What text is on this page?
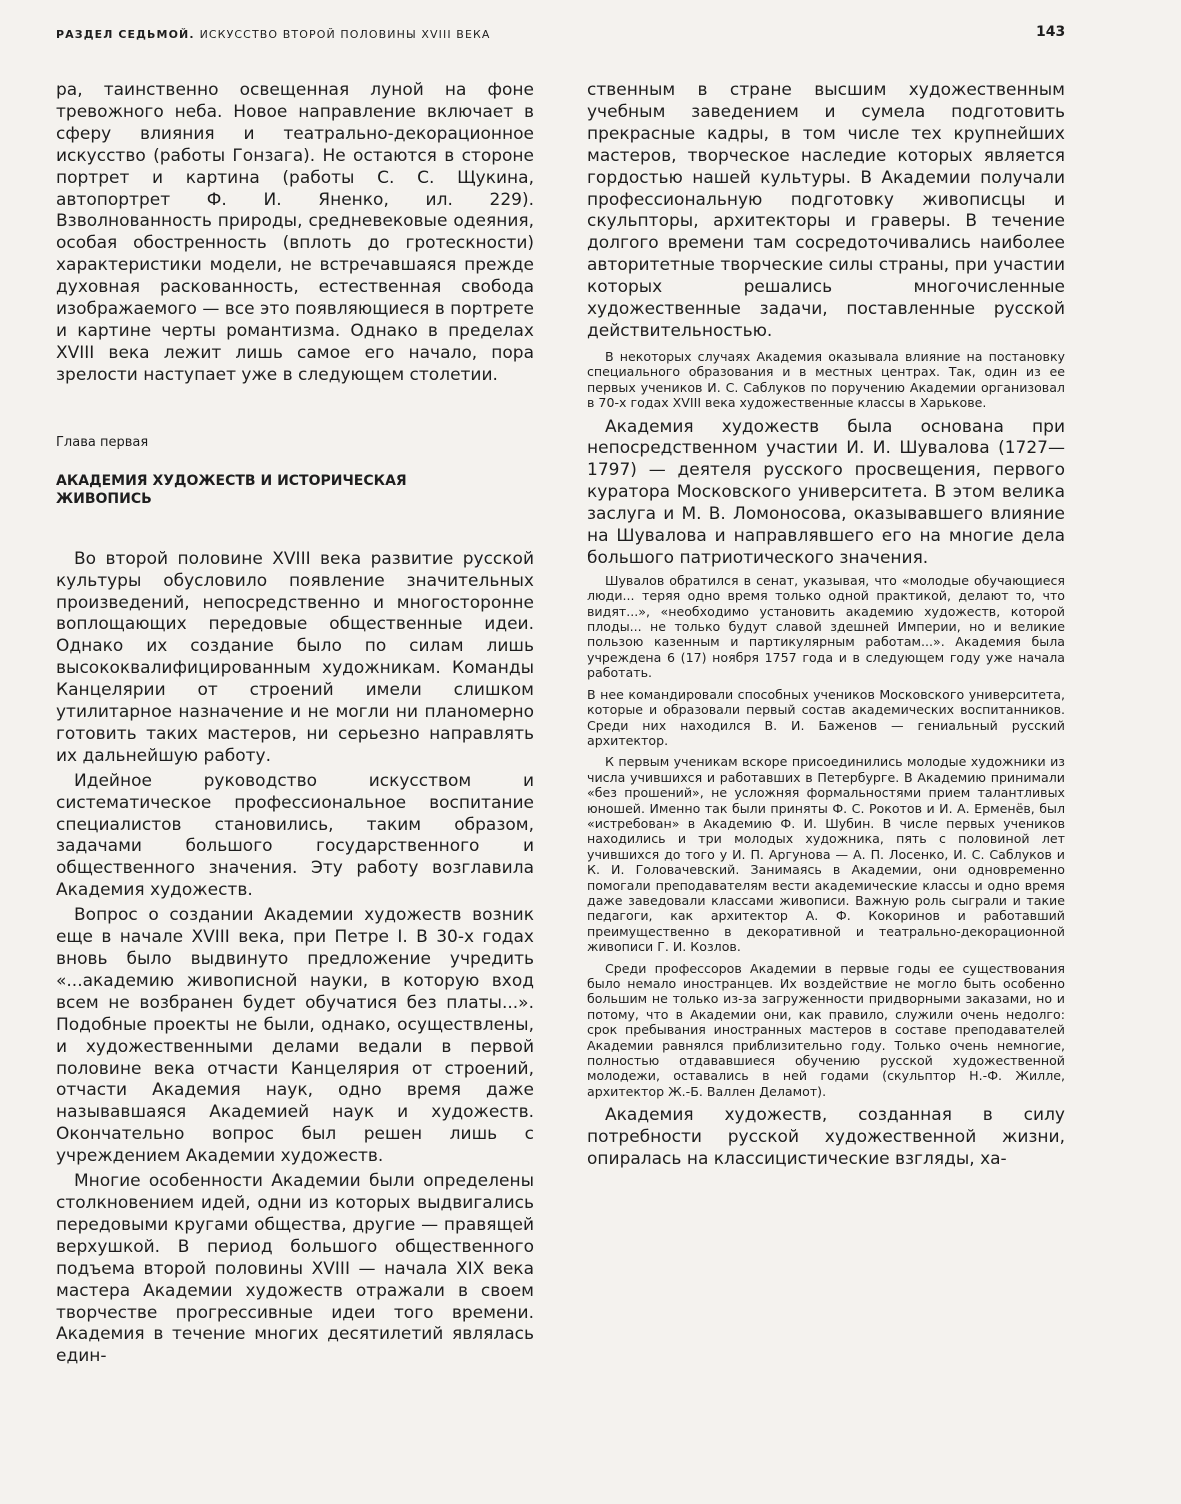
РАЗДЕЛ СЕДЬМОЙ. ИСКУССТВО ВТОРОЙ ПОЛОВИНЫ XVIII ВЕКА	143

ра, таинственно освещенная луной на фоне тревожного неба. Новое направление включает в сферу влияния и театрально-декорационное искусство (работы Гонзага). Не остаются в стороне портрет и картина (работы С. С. Щукина, автопортрет Ф. И. Яненко, ил. 229). Взволнованность природы, средневековые одеяния, особая обостренность (вплоть до гротескности) характеристики модели, не встречавшаяся прежде духовная раскованность, естественная свобода изображаемого — все это появляющиеся в портрете и картине черты романтизма. Однако в пределах XVIII века лежит лишь самое его начало, пора зрелости наступает уже в следующем столетии.

Глава первая
АКАДЕМИЯ ХУДОЖЕСТВ И ИСТОРИЧЕСКАЯ ЖИВОПИСЬ

Во второй половине XVIII века развитие русской культуры обусловило появление значительных произведений, непосредственно и многосторонне воплощающих передовые общественные идеи. Однако их создание было по силам лишь высококвалифицированным художникам. Команды Канцелярии от строений имели слишком утилитарное назначение и не могли ни планомерно готовить таких мастеров, ни серьезно направлять их дальнейшую работу.

Идейное руководство искусством и систематическое профессиональное воспитание специалистов становились, таким образом, задачами большого государственного и общественного значения. Эту работу возглавила Академия художеств.

Вопрос о создании Академии художеств возник еще в начале XVIII века, при Петре I. В 30-х годах вновь было выдвинуто предложение учредить «...академию живописной науки, в которую вход всем не возбранен будет обучатися без платы...». Подобные проекты не были, однако, осуществлены, и художественными делами ведали в первой половине века отчасти Канцелярия от строений, отчасти Академия наук, одно время даже называвшаяся Академией наук и художеств. Окончательно вопрос был решен лишь с учреждением Академии художеств.

Многие особенности Академии были определены столкновением идей, одни из которых выдвигались передовыми кругами общества, другие — правящей верхушкой. В период большого общественного подъема второй половины XVIII — начала XIX века мастера Академии художеств отражали в своем творчестве прогрессивные идеи того времени. Академия в течение многих десятилетий являлась един-

ственным в стране высшим художественным учебным заведением и сумела подготовить прекрасные кадры, в том числе тех крупнейших мастеров, творческое наследие которых является гордостью нашей культуры. В Академии получали профессиональную подготовку живописцы и скульпторы, архитекторы и граверы. В течение долгого времени там сосредоточивались наиболее авторитетные творческие силы страны, при участии которых решались многочисленные художественные задачи, поставленные русской действительностью.

В некоторых случаях Академия оказывала влияние на постановку специального образования и в местных центрах. Так, один из ее первых учеников И. С. Саблуков по поручению Академии организовал в 70-х годах XVIII века художественные классы в Харькове.

Академия художеств была основана при непосредственном участии И. И. Шувалова (1727—1797) — деятеля русского просвещения, первого куратора Московского университета. В этом велика заслуга и М. В. Ломоносова, оказывавшего влияние на Шувалова и направлявшего его на многие дела большого патриотического значения.

Шувалов обратился в сенат, указывая, что «молодые обучающиеся люди... теряя одно время только одной практикой, делают то, что видят...», «необходимо установить академию художеств, которой плоды... не только будут славой здешней Империи, но и великие пользою казенным и партикулярным работам...». Академия была учреждена 6 (17) ноября 1757 года и в следующем году уже начала работать.

В нее командировали способных учеников Московского университета, которые и образовали первый состав академических воспитанников. Среди них находился В. И. Баженов — гениальный русский архитектор.

К первым ученикам вскоре присоединились молодые художники из числа учившихся и работавших в Петербурге. В Академию принимали «без прошений», не усложняя формальностями прием талантливых юношей. Именно так были приняты Ф. С. Рокотов и И. А. Ерменёв, был «истребован» в Академию Ф. И. Шубин. В числе первых учеников находились и три молодых художника, пять с половиной лет учившихся до того у И. П. Аргунова — А. П. Лосенко, И. С. Саблуков и К. И. Головачевский. Занимаясь в Академии, они одновременно помогали преподавателям вести академические классы и одно время даже заведовали классами живописи. Важную роль сыграли и такие педагоги, как архитектор А. Ф. Кокоринов и работавший преимущественно в декоративной и театрально-декорационной живописи Г. И. Козлов.

Среди профессоров Академии в первые годы ее существования было немало иностранцев. Их воздействие не могло быть особенно большим не только из-за загруженности придворными заказами, но и потому, что в Академии они, как правило, служили очень недолго: срок пребывания иностранных мастеров в составе преподавателей Академии равнялся приблизительно году. Только очень немногие, полностью отдававшиеся обучению русской художественной молодежи, оставались в ней годами (скульптор Н.-Ф. Жилле, архитектор Ж.-Б. Валлен Деламот).

Академия художеств, созданная в силу потребности русской художественной жизни, опиралась на классицистические взгляды, ха-
